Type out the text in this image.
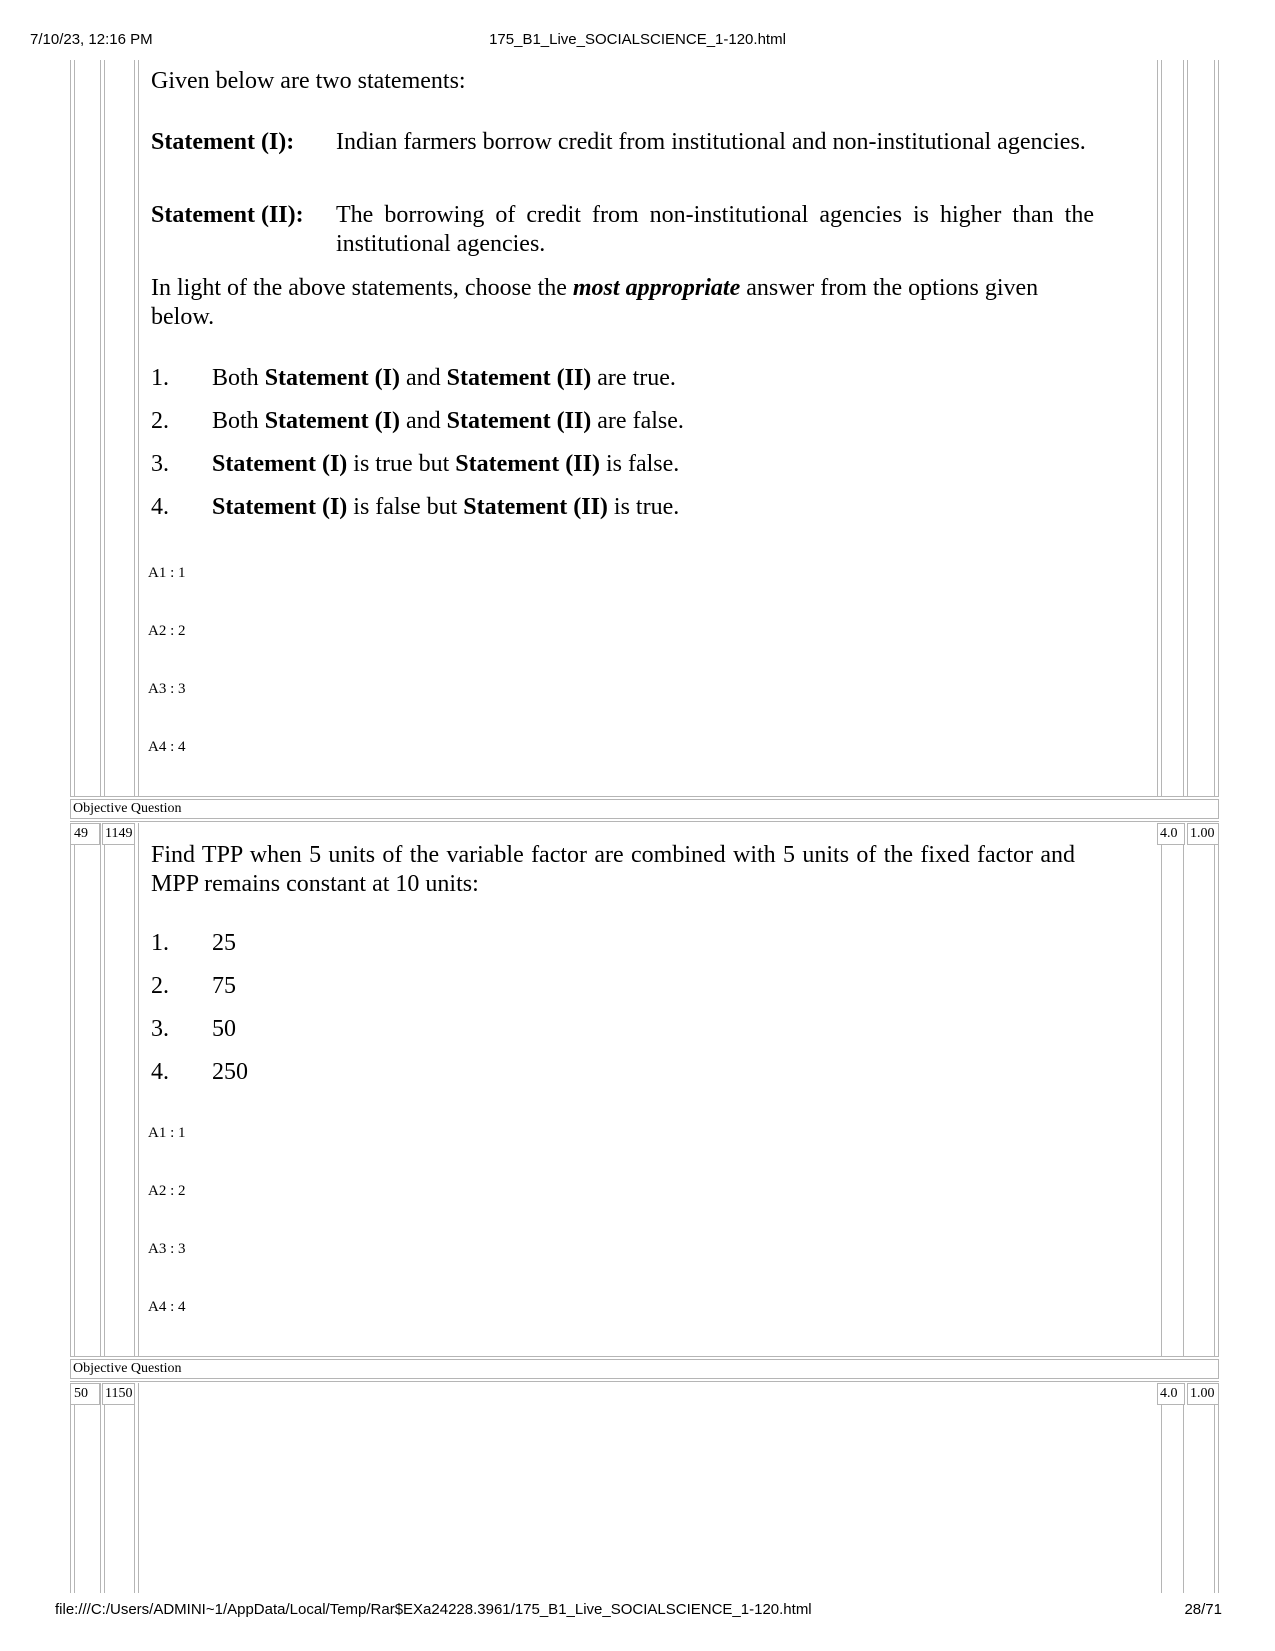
7/10/23, 12:16 PM	175_B1_Live_SOCIALSCIENCE_1-120.html
file:///C:/Users/ADMINI~1/AppData/Local/Temp/Rar$EXa24228.3961/175_B1_Live_SOCIALSCIENCE_1-120.html	28/71
Given below are two statements:
Statement (I): Indian farmers borrow credit from institutional and non-institutional agencies.
Statement (II): The borrowing of credit from non-institutional agencies is higher than the institutional agencies.
In light of the above statements, choose the most appropriate answer from the options given below.
1. Both Statement (I) and Statement (II) are true.
2. Both Statement (I) and Statement (II) are false.
3. Statement (I) is true but Statement (II) is false.
4. Statement (I) is false but Statement (II) is true.
A1 : 1
A2 : 2
A3 : 3
A4 : 4
Objective Question
49 1149	4.0 1.00
Find TPP when 5 units of the variable factor are combined with 5 units of the fixed factor and MPP remains constant at 10 units:
1. 25
2. 75
3. 50
4. 250
A1 : 1
A2 : 2
A3 : 3
A4 : 4
Objective Question
50 1150	4.0 1.00
